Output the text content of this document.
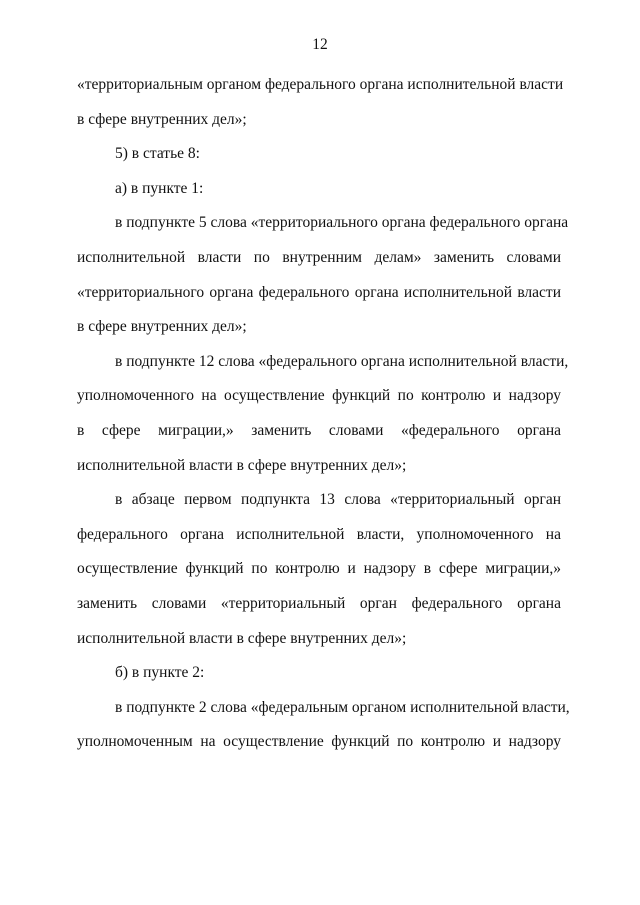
12
«территориальным органом федерального органа исполнительной власти
в сфере внутренних дел»;
5) в статье 8:
а) в пункте 1:
в подпункте 5 слова «территориального органа федерального органа
исполнительной власти по внутренним делам» заменить словами
«территориального органа федерального органа исполнительной власти
в сфере внутренних дел»;
в подпункте 12 слова «федерального органа исполнительной власти,
уполномоченного на осуществление функций по контролю и надзору
в сфере миграции,» заменить словами «федерального органа
исполнительной власти в сфере внутренних дел»;
в абзаце первом подпункта 13 слова «территориальный орган
федерального органа исполнительной власти, уполномоченного на
осуществление функций по контролю и надзору в сфере миграции,»
заменить словами «территориальный орган федерального органа
исполнительной власти в сфере внутренних дел»;
б) в пункте 2:
в подпункте 2 слова «федеральным органом исполнительной власти,
уполномоченным на осуществление функций по контролю и надзору
